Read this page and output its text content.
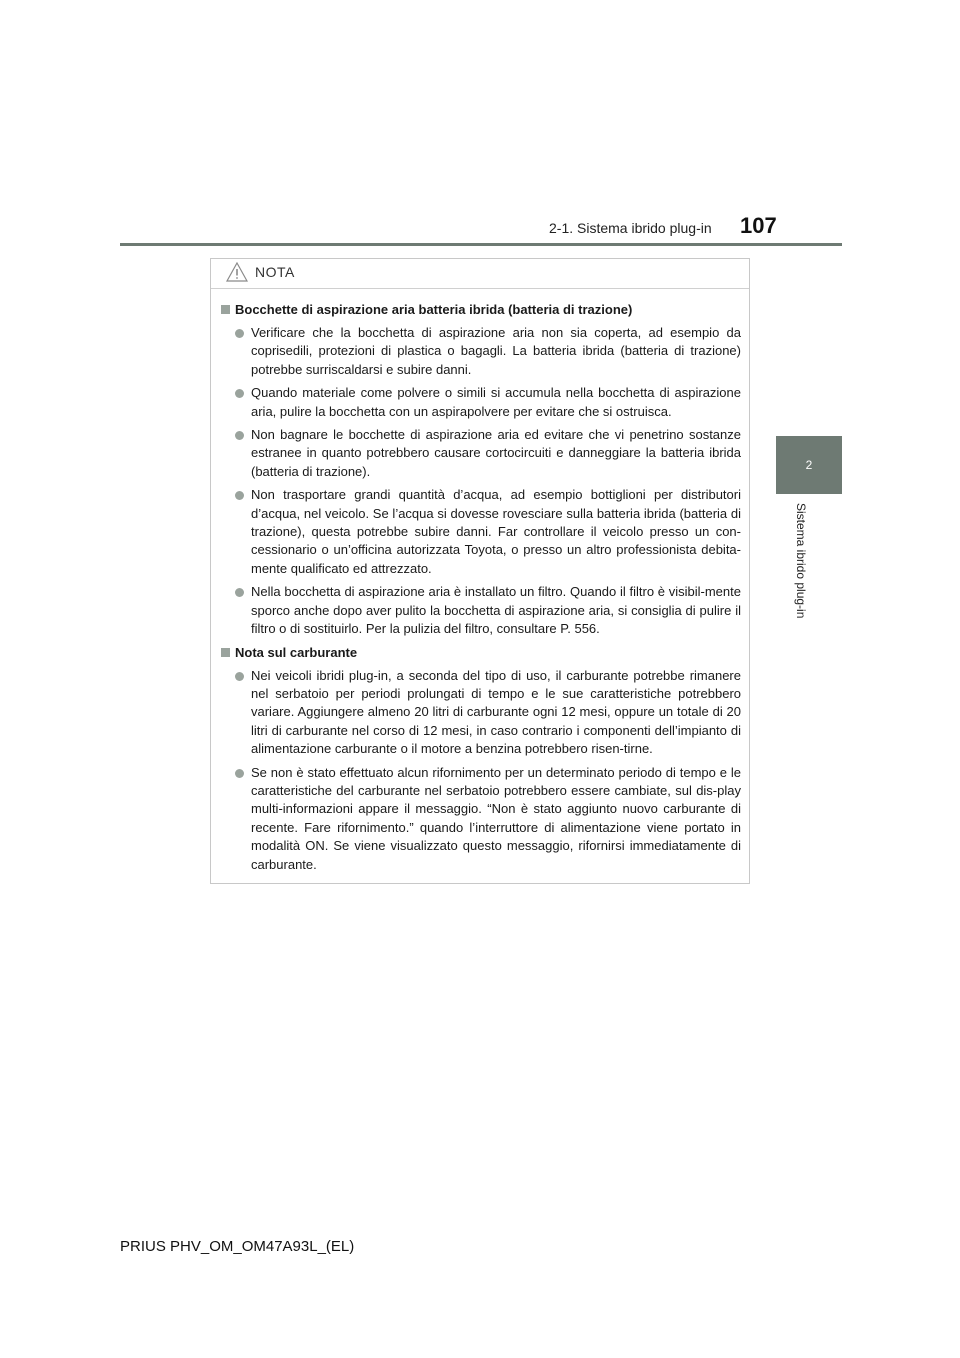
2-1. Sistema ibrido plug-in 107
2
Sistema ibrido plug-in
NOTA
Bocchette di aspirazione aria batteria ibrida (batteria di trazione)
Verificare che la bocchetta di aspirazione aria non sia coperta, ad esempio da coprisedili, protezioni di plastica o bagagli. La batteria ibrida (batteria di trazione) potrebbe surriscaldarsi e subire danni.
Quando materiale come polvere o simili si accumula nella bocchetta di aspirazione aria, pulire la bocchetta con un aspirapolvere per evitare che si ostruisca.
Non bagnare le bocchette di aspirazione aria ed evitare che vi penetrino sostanze estranee in quanto potrebbero causare cortocircuiti e danneggiare la batteria ibrida (batteria di trazione).
Non trasportare grandi quantità d’acqua, ad esempio bottiglioni per distributori d’acqua, nel veicolo. Se l’acqua si dovesse rovesciare sulla batteria ibrida (batteria di trazione), questa potrebbe subire danni. Far controllare il veicolo presso un con-cessionario o un’officina autorizzata Toyota, o presso un altro professionista debita-mente qualificato ed attrezzato.
Nella bocchetta di aspirazione aria è installato un filtro. Quando il filtro è visibil-mente sporco anche dopo aver pulito la bocchetta di aspirazione aria, si consiglia di pulire il filtro o di sostituirlo. Per la pulizia del filtro, consultare P. 556.
Nota sul carburante
Nei veicoli ibridi plug-in, a seconda del tipo di uso, il carburante potrebbe rimanere nel serbatoio per periodi prolungati di tempo e le sue caratteristiche potrebbero variare. Aggiungere almeno 20 litri di carburante ogni 12 mesi, oppure un totale di 20 litri di carburante nel corso di 12 mesi, in caso contrario i componenti dell’impianto di alimentazione carburante o il motore a benzina potrebbero risen-tirne.
Se non è stato effettuato alcun rifornimento per un determinato periodo di tempo e le caratteristiche del carburante nel serbatoio potrebbero essere cambiate, sul dis-play multi-informazioni appare il messaggio. “Non è stato aggiunto nuovo carburante di recente. Fare rifornimento.” quando l’interruttore di alimentazione viene portato in modalità ON. Se viene visualizzato questo messaggio, rifornirsi immediatamente di carburante.
PRIUS PHV_OM_OM47A93L_(EL)
